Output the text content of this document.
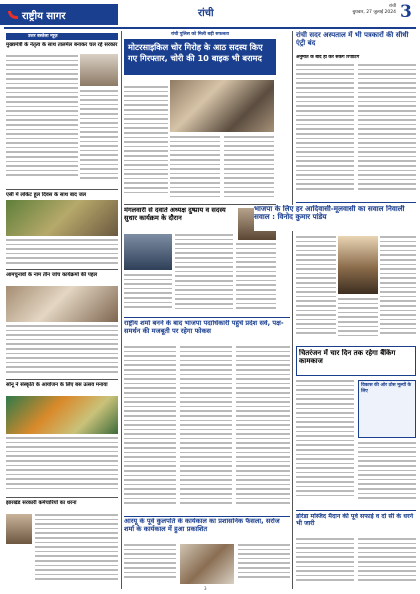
राष्ट्रीय सागर	रांची
रांची
बुधवार, 27 जुलाई 2024 3
उत्तर बस्तेला न्यूज़
मुख्यमंत्री के नेतृत्व के साथ तालमेल बनाकर चल रहे सरकार
एसी में लोकेट हूल दिवस के साथ बाद जल
आमचुनावों के नाम तीन जांच कार्यक्रमों की पहल
सोनू ने संस्कृति के आयोजन के लिए बस उत्सव मनाया
झारखंड सरकारी कर्मचारियों का धरना
रांची पुलिस को मिली बड़ी सफलता
मोटरसाइकिल चोर गिरोह के आठ सदस्य किए गए गिरफ्तार, चोरी की 10 बाइक भी बरामद
मंगलवारी से दवाते अध्यक्ष दुष्प्राय व सदस्य सुधार कार्यक्रम के दौरान
राष्ट्रीय शर्मा बनने के बाद भाजपा पदाधिकारी पहुंचे प्रदेश सर्व, पक्ष-समर्थन की मजबूती पर रहेगा फोकस
आरयू के पूर्व कुलपति के कार्यकाल का प्रशासनिक फैसला, सरोज शर्मा के कार्यकाल में हुआ प्रकाशित
रांची सदर अस्पताल में भी पत्रकारों की सीधी एंट्री बंद
अनुमति के बाद ही कर सकेंगे रिपोर्टिंग
भाजपा के लिए हर आदिवासी-मूलवासी का सवाल निवाली सवाल : विनोद कुमार पांडेय
चितरंजन में चार दिन तक रहेगा बैंकिंग कामकाज
विकास की ओर ठोस मूल्यों के लिए
डोरंडा मस्जिद मैदान की पूर्व सफाई व दो सी के धरने भी जारी
3
